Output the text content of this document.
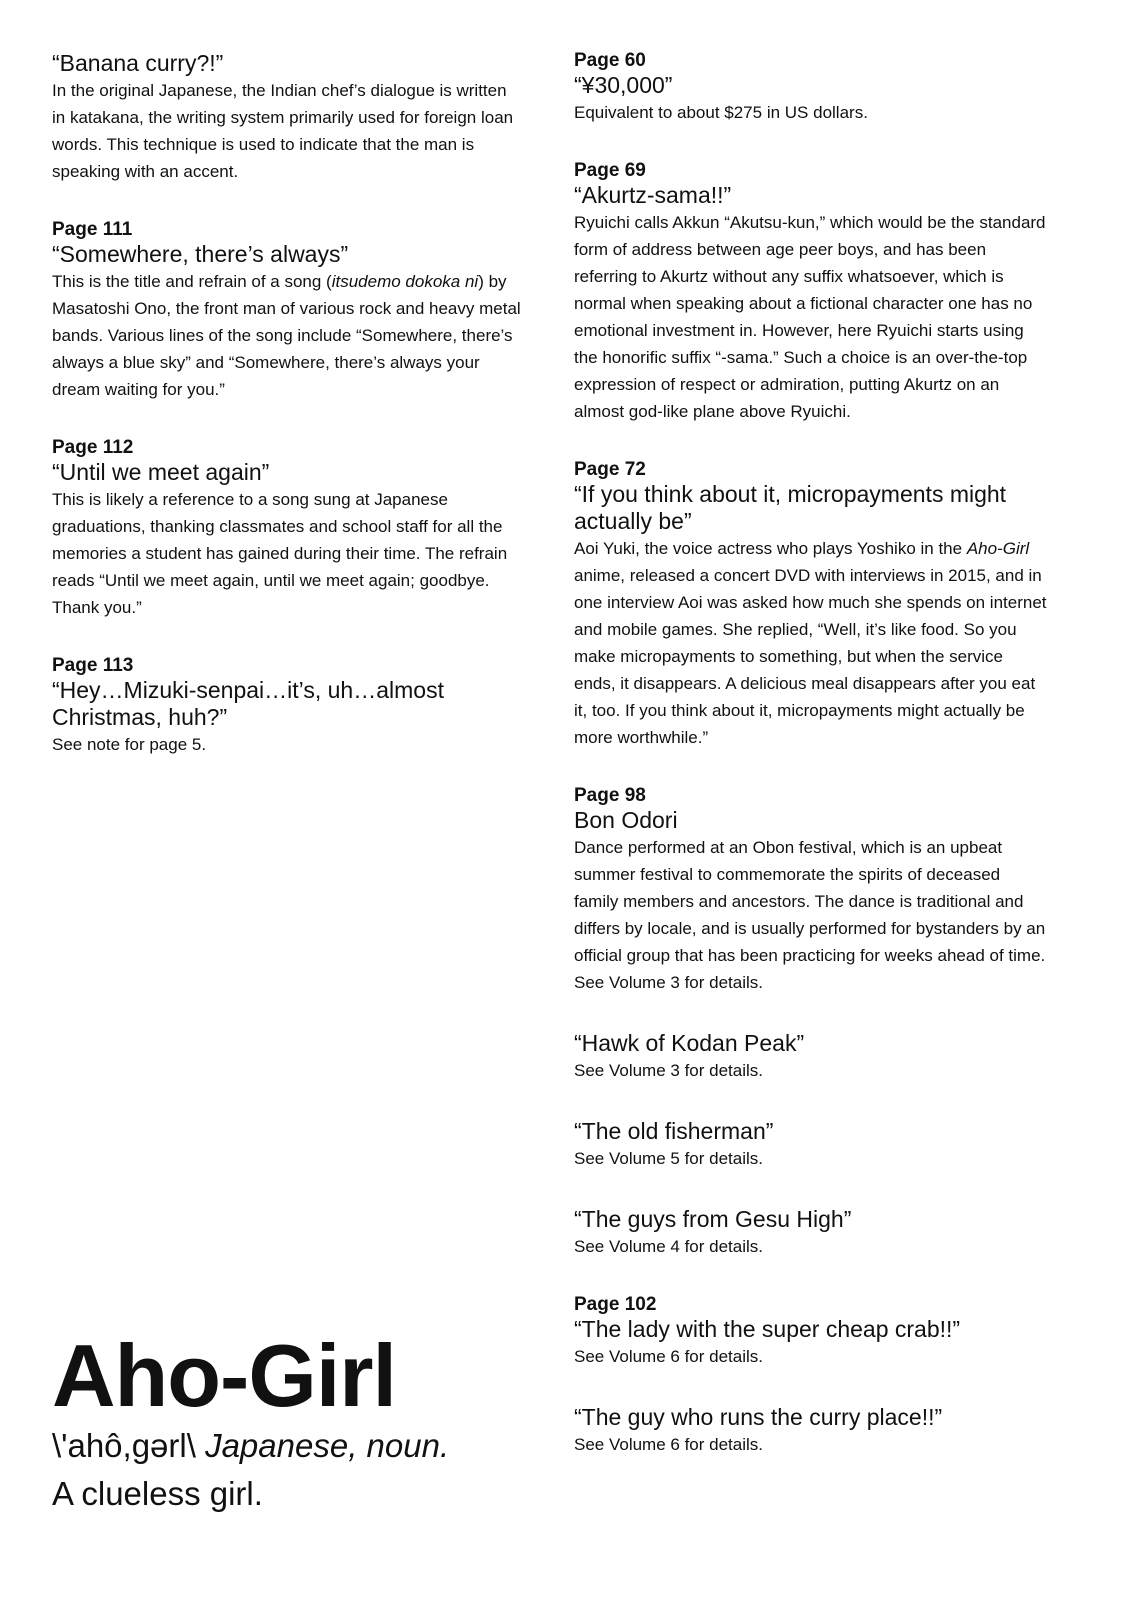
“Banana curry?!”

In the original Japanese, the Indian chef’s dialogue is written in katakana, the writing system primarily used for foreign loan words. This technique is used to indicate that the man is speaking with an accent.

Page 111
“Somewhere, there’s always”

This is the title and refrain of a song (itsudemo dokoka ni) by Masatoshi Ono, the front man of various rock and heavy metal bands. Various lines of the song include “Somewhere, there’s always a blue sky” and “Somewhere, there’s always your dream waiting for you.”

Page 112
“Until we meet again”

This is likely a reference to a song sung at Japanese graduations, thanking classmates and school staff for all the memories a student has gained during their time. The refrain reads “Until we meet again, until we meet again; goodbye. Thank you.”

Page 113
“Hey…Mizuki-senpai…it’s, uh…almost Christmas, huh?”

See note for page 5.

Page 60
“¥30,000”

Equivalent to about $275 in US dollars.

Page 69
“Akurtz-sama!!”

Ryuichi calls Akkun “Akutsu-kun,” which would be the standard form of address between age peer boys, and has been referring to Akurtz without any suffix whatsoever, which is normal when speaking about a fictional character one has no emotional investment in. However, here Ryuichi starts using the honorific suffix “-sama.” Such a choice is an over-the-top expression of respect or admiration, putting Akurtz on an almost god-like plane above Ryuichi.

Page 72
“If you think about it, micropayments might actually be”

Aoi Yuki, the voice actress who plays Yoshiko in the Aho-Girl anime, released a concert DVD with interviews in 2015, and in one interview Aoi was asked how much she spends on internet and mobile games. She replied, “Well, it’s like food. So you make micropayments to something, but when the service ends, it disappears. A delicious meal disappears after you eat it, too. If you think about it, micropayments might actually be more worthwhile.”

Page 98
Bon Odori

Dance performed at an Obon festival, which is an upbeat summer festival to commemorate the spirits of deceased family members and ancestors. The dance is traditional and differs by locale, and is usually performed for bystanders by an official group that has been practicing for weeks ahead of time. See Volume 3 for details.

“Hawk of Kodan Peak”

See Volume 3 for details.

“The old fisherman”

See Volume 5 for details.

“The guys from Gesu High”

See Volume 4 for details.

Page 102
“The lady with the super cheap crab!!”

See Volume 6 for details.

“The guy who runs the curry place!!”

See Volume 6 for details.

Aho-Girl
\'ahô,gərl\ Japanese, noun.
A clueless girl.
